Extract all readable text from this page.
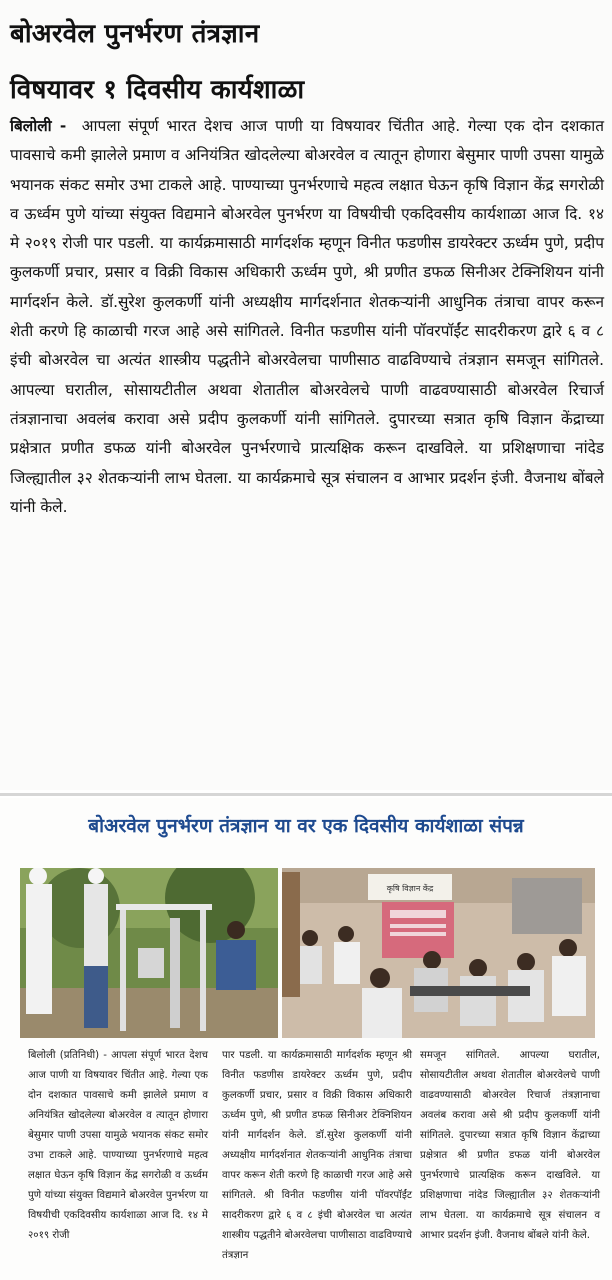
बोअरवेल पुनर्भरण तंत्रज्ञान
विषयावर १ दिवसीय कार्यशाळा
बिलोली - आपला संपूर्ण भारत देशच आज पाणी या विषयावर चिंतीत आहे. गेल्या एक दोन दशकात पावसाचे कमी झालेले प्रमाण व अनियंत्रित खोदलेल्या बोअरवेल व त्यातून होणारा बेसुमार पाणी उपसा यामुळे भयानक संकट समोर उभा टाकले आहे. पाण्याच्या पुनर्भरणाचे महत्व लक्षात घेऊन कृषि विज्ञान केंद्र सगरोळी व ऊर्ध्वम पुणे यांच्या संयुक्त विद्यमाने बोअरवेल पुनर्भरण या विषयीची एकदिवसीय कार्यशाळा आज दि. १४ मे २०१९ रोजी पार पडली. या कार्यक्रमासाठी मार्गदर्शक म्हणून विनीत फडणीस डायरेक्टर ऊर्ध्वम पुणे, प्रदीप कुलकर्णी प्रचार, प्रसार व विक्री विकास अधिकारी ऊर्ध्वम पुणे, श्री प्रणीत डफळ सिनीअर टेक्निशियन यांनी मार्गदर्शन केले. डॉ.सुरेश कुलकर्णी यांनी अध्यक्षीय मार्गदर्शनात शेतकऱ्यांनी आधुनिक तंत्राचा वापर करून शेती करणे हि काळाची गरज आहे असे सांगितले. विनीत फडणीस यांनी पॉवरपॉईंट सादरीकरण द्वारे ६ व ८ इंची बोअरवेल चा अत्यंत शास्त्रीय पद्धतीने बोअरवेलचा पाणीसाठ वाढविण्याचे तंत्रज्ञान समजून सांगितले. आपल्या घरातील, सोसायटीतील अथवा शेतातील बोअरवेलचे पाणी वाढवण्यासाठी बोअरवेल रिचार्ज तंत्रज्ञानाचा अवलंब करावा असे प्रदीप कुलकर्णी यांनी सांगितले. दुपारच्या सत्रात कृषि विज्ञान केंद्राच्या प्रक्षेत्रात प्रणीत डफळ यांनी बोअरवेल पुनर्भरणाचे प्रात्यक्षिक करून दाखविले. या प्रशिक्षणाचा नांदेड जिल्ह्यातील ३२ शेतकऱ्यांनी लाभ घेतला. या कार्यक्रमाचे सूत्र संचालन व आभार प्रदर्शन इंजी. वैजनाथ बोंबले यांनी केले.
बोअरवेल पुनर्भरण तंत्रज्ञान या वर एक दिवसीय कार्यशाळा संपन्न
कृषि विज्ञान केंद्र
बिलोली (प्रतिनिधी) - आपला संपूर्ण भारत देशच आज पाणी या विषयावर चिंतीत आहे. गेल्या एक दोन दशकात पावसाचे कमी झालेले प्रमाण व अनियंत्रित खोदलेल्या बोअरवेल व त्यातून होणारा बेसुमार पाणी उपसा यामुळे भयानक संकट समोर उभा टाकले आहे. पाण्याच्या पुनर्भरणाचे महत्व लक्षात घेऊन कृषि विज्ञान केंद्र सगरोळी व ऊर्ध्वम पुणे यांच्या संयुक्त विद्यमाने बोअरवेल पुनर्भरण या विषयीची एकदिवसीय कार्यशाळा आज दि. १४ मे २०१९ रोजी
पार पडली. या कार्यक्रमासाठी मार्गदर्शक म्हणून श्री विनीत फडणीस डायरेक्टर ऊर्ध्वम पुणे, प्रदीप कुलकर्णी प्रचार, प्रसार व विक्री विकास अधिकारी ऊर्ध्वम पुणे, श्री प्रणीत डफळ सिनीअर टेक्निशियन यांनी मार्गदर्शन केले. डॉ.सुरेश कुलकर्णी यांनी अध्यक्षीय मार्गदर्शनात शेतकऱ्यांनी आधुनिक तंत्राचा वापर करून शेती करणे हि काळाची गरज आहे असे सांगितले. श्री विनीत फडणीस यांनी पॉवरपॉईंट सादरीकरण द्वारे ६ व ८ इंची बोअरवेल चा अत्यंत शास्त्रीय पद्धतीने बोअरवेलचा पाणीसाठा वाढविण्याचे तंत्रज्ञान
समजून सांगितले. आपल्या घरातील, सोसायटीतील अथवा शेतातील बोअरवेलचे पाणी वाढवण्यासाठी बोअरवेल रिचार्ज तंत्रज्ञानाचा अवलंब करावा असे श्री प्रदीप कुलकर्णी यांनी सांगितले. दुपारच्या सत्रात कृषि विज्ञान केंद्राच्या प्रक्षेत्रात श्री प्रणीत डफळ यांनी बोअरवेल पुनर्भरणाचे प्रात्यक्षिक करून दाखविले. या प्रशिक्षणाचा नांदेड जिल्ह्यातील ३२ शेतकऱ्यांनी लाभ घेतला. या कार्यक्रमाचे सूत्र संचालन व आभार प्रदर्शन इंजी. वैजनाथ बोंबले यांनी केले.
